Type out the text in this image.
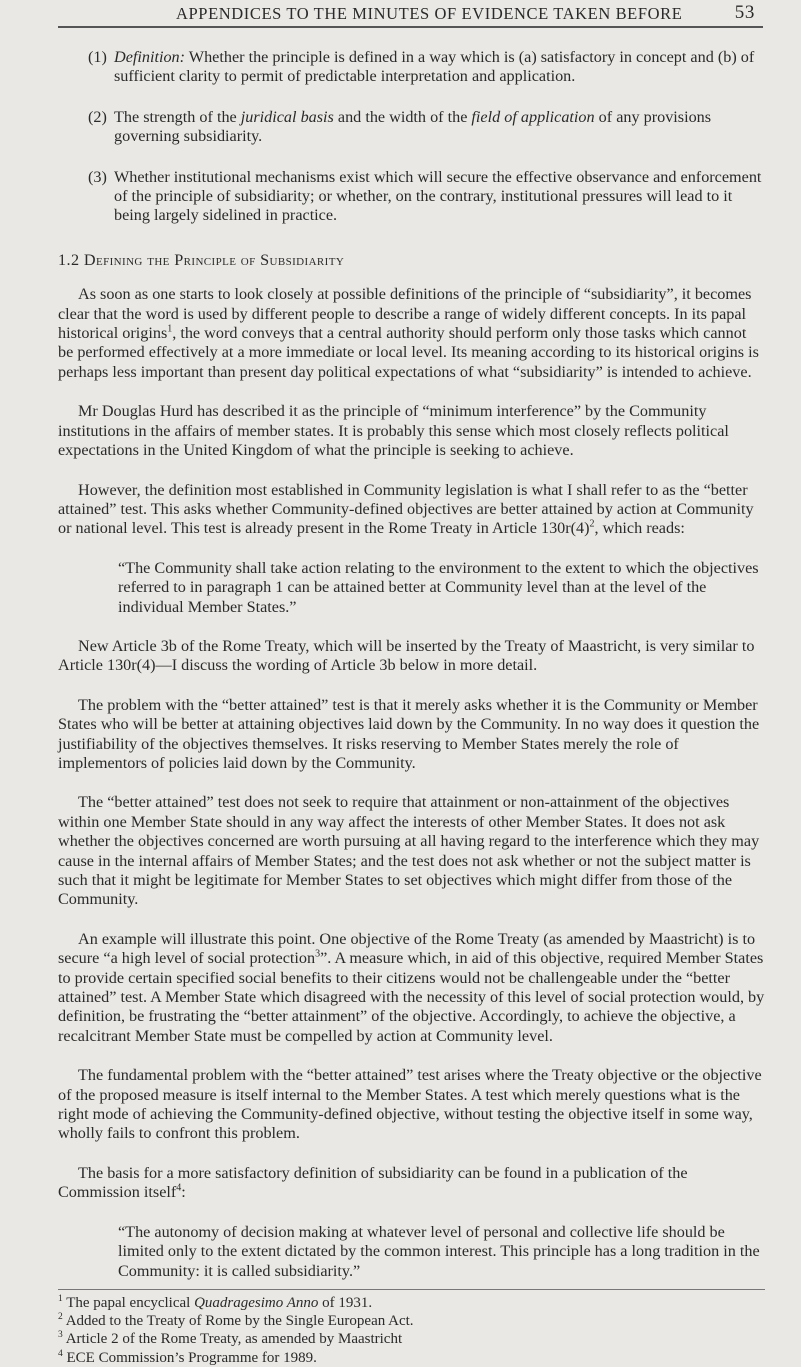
APPENDICES TO THE MINUTES OF EVIDENCE TAKEN BEFORE	53
(1) Definition: Whether the principle is defined in a way which is (a) satisfactory in concept and (b) of sufficient clarity to permit of predictable interpretation and application.
(2) The strength of the juridical basis and the width of the field of application of any provisions governing subsidiarity.
(3) Whether institutional mechanisms exist which will secure the effective observance and enforcement of the principle of subsidiarity; or whether, on the contrary, institutional pressures will lead to it being largely sidelined in practice.
1.2 Defining the Principle of Subsidiarity

As soon as one starts to look closely at possible definitions of the principle of “subsidiarity”, it becomes clear that the word is used by different people to describe a range of widely different concepts. In its papal historical origins$^1$, the word conveys that a central authority should perform only those tasks which cannot be performed effectively at a more immediate or local level. Its meaning according to its historical origins is perhaps less important than present day political expectations of what “subsidiarity” is intended to achieve.

Mr Douglas Hurd has described it as the principle of “minimum interference” by the Community institutions in the affairs of member states. It is probably this sense which most closely reflects political expectations in the United Kingdom of what the principle is seeking to achieve.

However, the definition most established in Community legislation is what I shall refer to as the “better attained” test. This asks whether Community-defined objectives are better attained by action at Community or national level. This test is already present in the Rome Treaty in Article $130r(4)^2$, which reads:

“The Community shall take action relating to the environment to the extent to which the objectives referred to in paragraph 1 can be attained better at Community level than at the level of the individual Member States.”

New Article 3b of the Rome Treaty, which will be inserted by the Treaty of Maastricht, is very similar to Article 130r(4)—I discuss the wording of Article 3b below in more detail.

The problem with the “better attained” test is that it merely asks whether it is the Community or Member States who will be better at attaining objectives laid down by the Community. In no way does it question the justifiability of the objectives themselves. It risks reserving to Member States merely the role of implementors of policies laid down by the Community.

The “better attained” test does not seek to require that attainment or non-attainment of the objectives within one Member State should in any way affect the interests of other Member States. It does not ask whether the objectives concerned are worth pursuing at all having regard to the interference which they may cause in the internal affairs of Member States; and the test does not ask whether or not the subject matter is such that it might be legitimate for Member States to set objectives which might differ from those of the Community.

An example will illustrate this point. One objective of the Rome Treaty (as amended by Maastricht) is to secure “a high level of social protection$^3$”. A measure which, in aid of this objective, required Member States to provide certain specified social benefits to their citizens would not be challengeable under the “better attained” test. A Member State which disagreed with the necessity of this level of social protection would, by definition, be frustrating the “better attainment” of the objective. Accordingly, to achieve the objective, a recalcitrant Member State must be compelled by action at Community level.

The fundamental problem with the “better attained” test arises where the Treaty objective or the objective of the proposed measure is itself internal to the Member States. A test which merely questions what is the right mode of achieving the Community-defined objective, without testing the objective itself in some way, wholly fails to confront this problem.

The basis for a more satisfactory definition of subsidiarity can be found in a publication of the Commission itself$^4$:

“The autonomy of decision making at whatever level of personal and collective life should be limited only to the extent dictated by the common interest. This principle has a long tradition in the Community: it is called subsidiarity.”

$^1$ The papal encyclical Quadragesimo Anno of 1931.
$^2$ Added to the Treaty of Rome by the Single European Act.
$^3$ Article 2 of the Rome Treaty, as amended by Maastricht
$^4$ ECE Commission’s Programme for 1989.
